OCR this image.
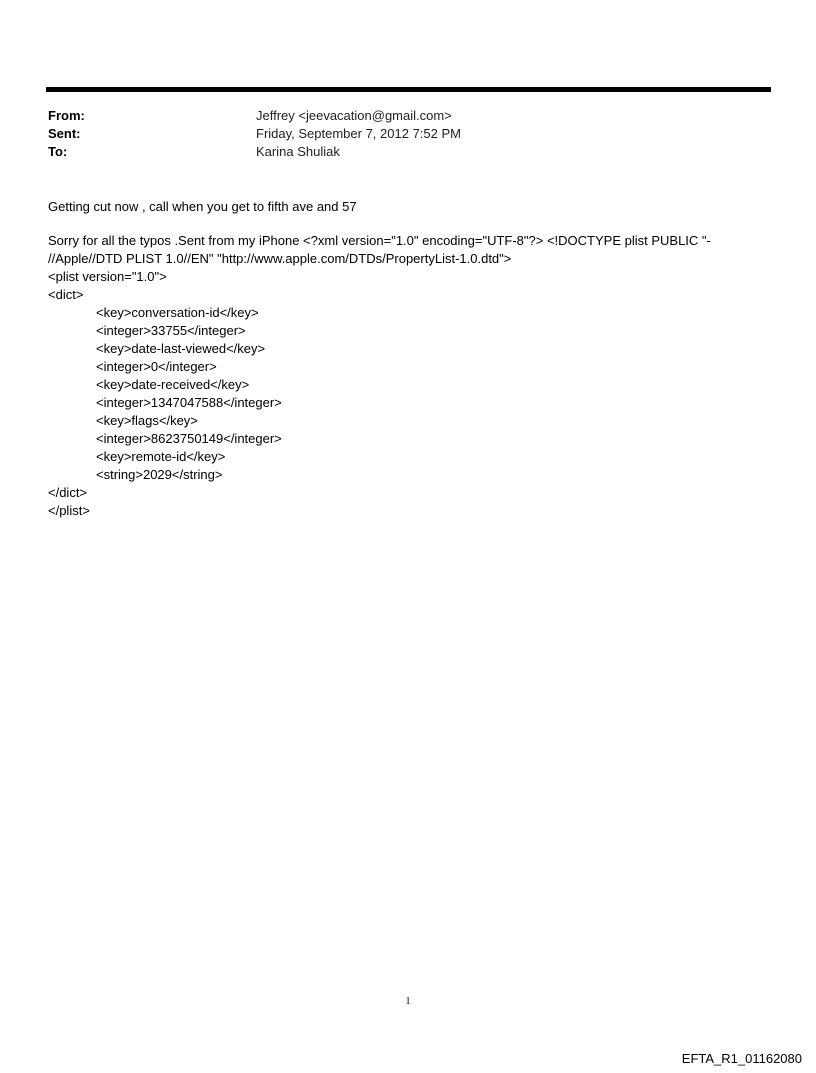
From:	Jeffrey <jeevacation@gmail.com>
Sent:	Friday, September 7, 2012 7:52 PM
To:	Karina Shuliak
Getting cut now , call when you get to fifth ave and 57
Sorry for all the typos .Sent from my iPhone <?xml version="1.0" encoding="UTF-8"?> <!DOCTYPE plist PUBLIC "-
//Apple//DTD PLIST 1.0//EN" "http://www.apple.com/DTDs/PropertyList-1.0.dtd">
<plist version="1.0">
<dict>
<key>conversation-id</key>
<integer>33755</integer>
<key>date-last-viewed</key>
<integer>0</integer>
<key>date-received</key>
<integer>1347047588</integer>
<key>flags</key>
<integer>8623750149</integer>
<key>remote-id</key>
<string>2029</string>
</dict>
</plist>
1
EFTA_R1_01162080
